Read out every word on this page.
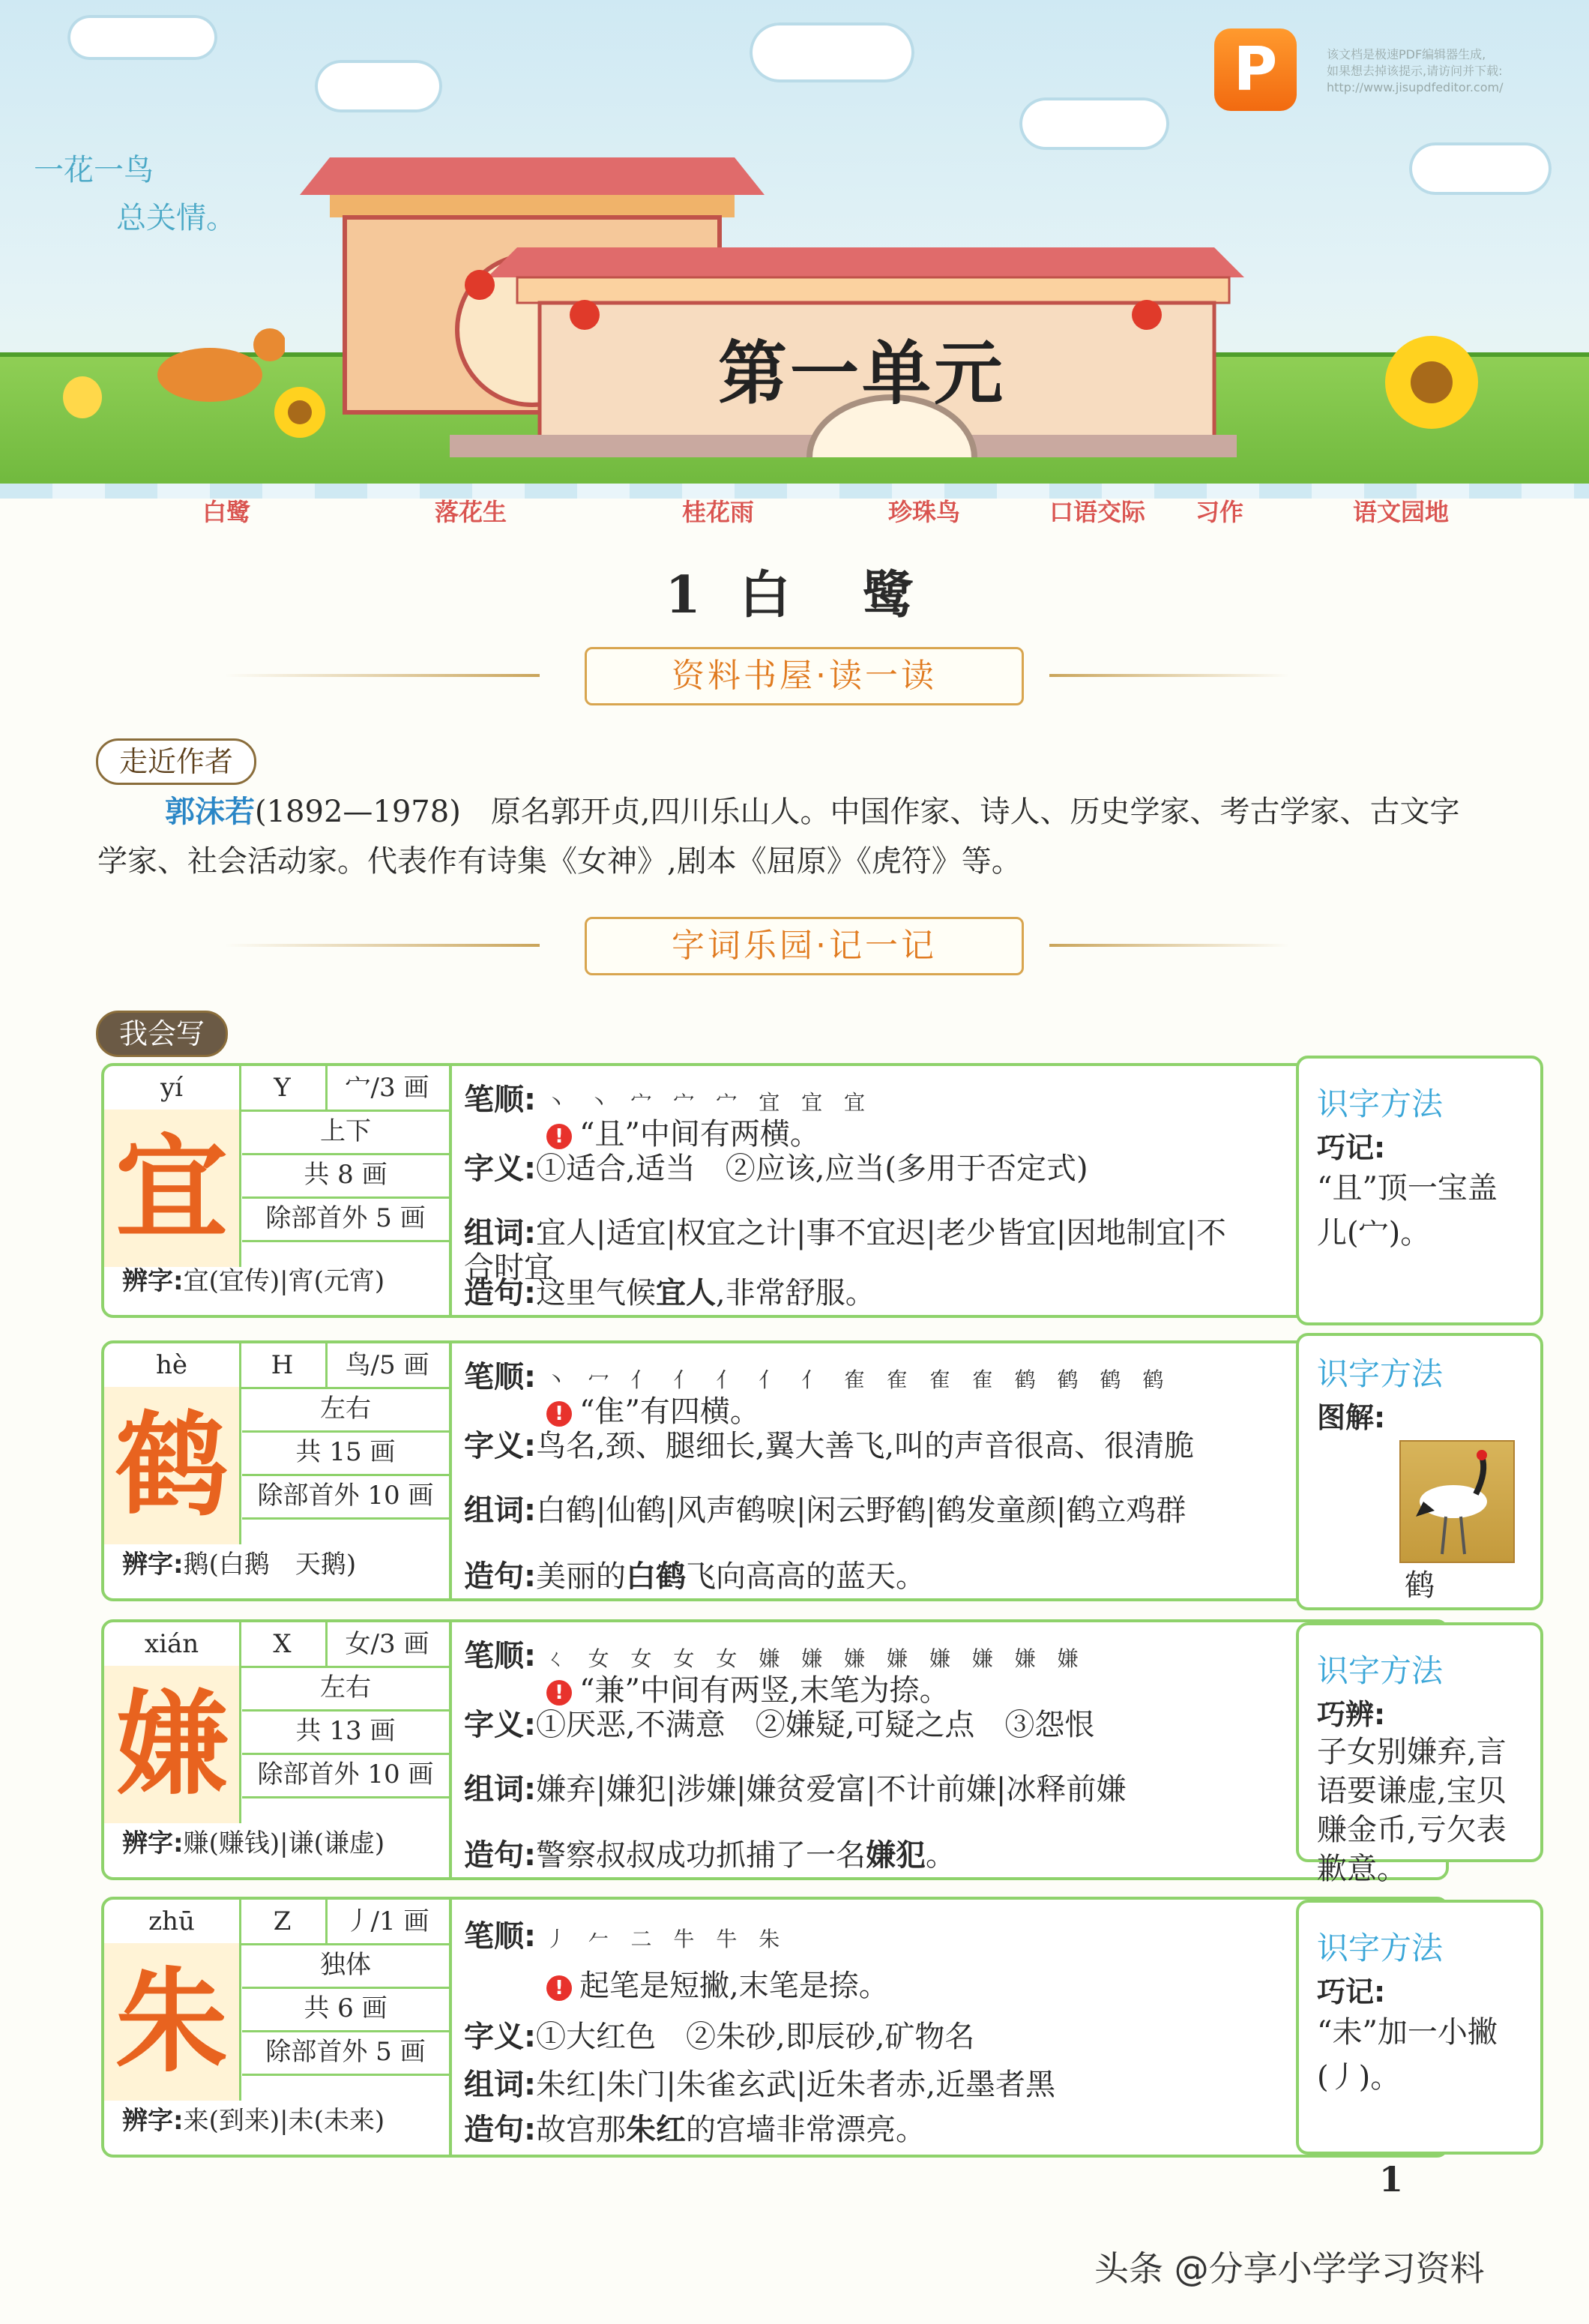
一花一鸟
总关情。
第一单元
白鹭	落花生	桂花雨	珍珠鸟	口语交际 习作	语文园地
P	该文档是极速PDF编辑器生成,
如果想去掉该提示,请访问并下载:
http://www.jisupdfeditor.com/
1 白　鹭
资料书屋·读一读
走近作者
郭沫若(1892—1978)　原名郭开贞,四川乐山人。中国作家、诗人、历史学家、考古学家、古文字学家、社会活动家。代表作有诗集《女神》,剧本《屈原》《虎符》等。
字词乐园·记一记
我会写
yí	Y	宀/3 画
宜	上下
共 8 画
除部首外 5 画
辨字:宜(宜传)|宵(元宵)
笔顺: 丶 丶 宀 宀 宀 宜 宜 宜
! “且”中间有两横。
字义:①适合,适当　②应该,应当(多用于否定式)
组词:宜人|适宜|权宜之计|事不宜迟|老少皆宜|因地制宜|不合时宜
造句:这里气候宜人,非常舒服。
识字方法
巧记:
“且”顶一宝盖儿(宀)。
hè	H	鸟/5 画
鹤	左右
共 15 画
除部首外 10 画
辨字:鹅(白鹅　天鹅)
笔顺: 丶 冖 亻 亻 亻 亻 亻 隺 隺 隺 隺 鹤 鹤 鹤 鹤
! “隹”有四横。
字义:鸟名,颈、腿细长,翼大善飞,叫的声音很高、很清脆
组词:白鹤|仙鹤|风声鹤唳|闲云野鹤|鹤发童颜|鹤立鸡群
造句:美丽的白鹤飞向高高的蓝天。
识字方法
图解:
鹤
xián	X	女/3 画
嫌	左右
共 13 画
除部首外 10 画
辨字:赚(赚钱)|谦(谦虚)
笔顺: ㄑ 女 女 女 女 嫌 嫌 嫌 嫌 嫌 嫌 嫌 嫌
! “兼”中间有两竖,末笔为捺。
字义:①厌恶,不满意　②嫌疑,可疑之点　③怨恨
组词:嫌弃|嫌犯|涉嫌|嫌贫爱富|不计前嫌|冰释前嫌
造句:警察叔叔成功抓捕了一名嫌犯。
识字方法
巧辨:
子女别嫌弃,言语要谦虚,宝贝赚金币,亏欠表歉意。
zhū	Z	丿/1 画
朱	独体
共 6 画
除部首外 5 画
辨字:来(到来)|未(未来)
笔顺: 丿 𠂉 二 牛 牛 朱
! 起笔是短撇,末笔是捺。
字义:①大红色　②朱砂,即辰砂,矿物名
组词:朱红|朱门|朱雀玄武|近朱者赤,近墨者黑
造句:故宫那朱红的宫墙非常漂亮。
识字方法
巧记:
“未”加一小撇(丿)。
1
头条 @分享小学学习资料
